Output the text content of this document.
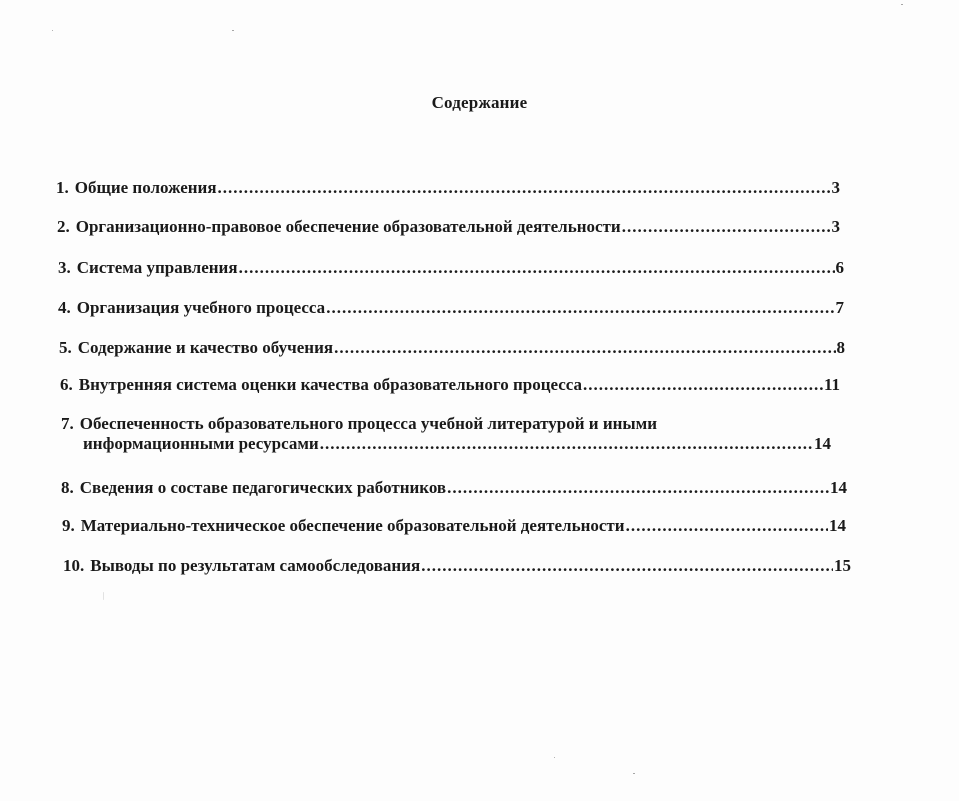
Содержание
1. Общие положения .....	3
2. Организационно-правовое обеспечение образовательной деятельности .....	3
3. Система управления .....	6
4. Организация учебного процесса .....	7
5. Содержание и качество обучения .....	8
6. Внутренняя система оценки качества образовательного процесса .....	11
7. Обеспеченность образовательного процесса учебной литературой и иными
информационными ресурсами .....	14
8. Сведения о составе педагогических работников .....	14
9. Материально-техническое обеспечение образовательной деятельности .....	14
10. Выводы по результатам самообследования .....	15
